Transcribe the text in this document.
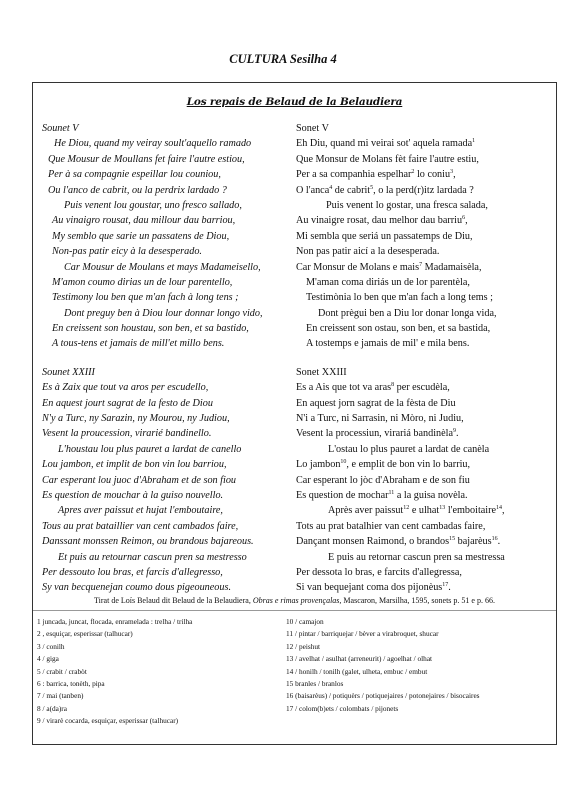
CULTURA Sesilha 4
Los repais de Belaud de la Belaudiera
Sounet V
He Diou, quand my veiray soult'aquello ramado
Que Mousur de Moullans fet faire l'autre estiou,
Per à sa compagnie espeillar lou couniou,
Ou l'anco de cabrit, ou la perdrix lardado ?
Puis venent lou goustar, uno fresco sallado,
Au vinaigro rousat, dau millour dau barriou,
My semblo que sarie un passatens de Diou,
Non-pas patir eicy à la desesperado.
Car Mousur de Moulans et mays Madameisello,
M'amon coumo dirias un de lour parentello,
Testimony lou ben que m'an fach à long tens ;
Dont preguy ben à Diou lour donnar longo vido,
En creissent son houstau, son ben, et sa bastido,
A tous-tens et jamais de mill'et millo bens.
Sounet XXIII
Es à Zaix que tout va aros per escudello,
En aquest jourt sagrat de la festo de Diou
N'y a Turc, ny Sarazin, ny Mourou, ny Judiou,
Vesent la proucession, virarié bandinello.
L'houstau lou plus pauret a lardat de canello
Lou jambon, et implit de bon vin lou barriou,
Car esperant lou juoc d'Abraham et de son fiou
Es question de mouchar à la guiso nouvello.
Apres aver paissut et hujat l'emboutaire,
Tous au prat bataillier van cent cambados faire,
Danssant monssen Reimon, ou brandous bajareous.
Et puis au retournar cascun pren sa mestresso
Per dessouto lou bras, et farcis d'allegresso,
Sy van becquenejan coumo dous pigeouneous.
Sonet V
Eh Diu, quand mi veirai sot' aquela ramada$^1$
Que Monsur de Molans fèt faire l'autre estiu,
Per a sa companhia espelhar$^2$ lo coniu$^3$,
O l'anca$^4$ de cabrit$^5$, o la perd(r)itz lardada ?
Puis venent lo gostar, una fresca salada,
Au vinaigre rosat, dau melhor dau barriu$^6$,
Mi sembla que seriá un passatemps de Diu,
Non pas patir aicí a la desesperada.
Car Monsur de Molans e mais$^7$ Madamaisèla,
M'aman coma diriás un de lor parentèla,
Testimònia lo ben que m'an fach a long tems ;
Dont prègui ben a Diu lor donar longa vida,
En creissent son ostau, son ben, et sa bastida,
A tostemps e jamais de mil' e mila bens.
Sonet XXIII
Es a Ais que tot va aras$^8$ per escudèla,
En aquest jorn sagrat de la fèsta de Diu
N'i a Turc, ni Sarrasin, ni Mòro, ni Judiu,
Vesent la processiun, virariá bandinèla$^9$.
L'ostau lo plus pauret a lardat de canèla
Lo jambon$^{10}$, e emplit de bon vin lo barriu,
Car esperant lo jòc d'Abraham e de son fiu
Es question de mochar$^{11}$ a la guisa novèla.
Après aver paissut$^{12}$ e ulhat$^{13}$ l'emboitaire$^{14}$,
Tots au prat batalhier van cent cambadas faire,
Dançant monsen Raimond, o brandos$^{15}$ bajarèus$^{16}$.
E puis au retornar cascun pren sa mestressa
Per dessota lo bras, e farcits d'allegressa,
Si van bequejant coma dos pijonèus$^{17}$.
Tirat de Loís Belaud dit Belaud de la Belaudiera, Obras e rimas provençalas, Mascaron, Marsilha, 1595, sonets p. 51 e p. 66.
1 juncada, juncat, flocada, enramelada : trelha / trilha
2 , esquiçar, esperissar (talhucar)
3 / conilh
4 / gigа
5 / crabit / crabòt
6 : barrica, tonèth, pipa
7 / mai (tanben)
8 / a(da)ra
9 / virarè cocarda, esquiçar, esperissar (talhucar)
10 / camajon
11 / pintar / barriquejar / bèver a virabroquet, shucar
12 / peishut
13 / avelhat / asulhat (arreneurit) / agoelhat / olhat
14 / honilh / tonilh (galet, ulheta, embuc / embut
15 branles / branlos
16 (baisarèus) / potiquèrs / potiquejaires / potonejaires / bisocaires
17 / colom(b)ets / colombats / pijonets
